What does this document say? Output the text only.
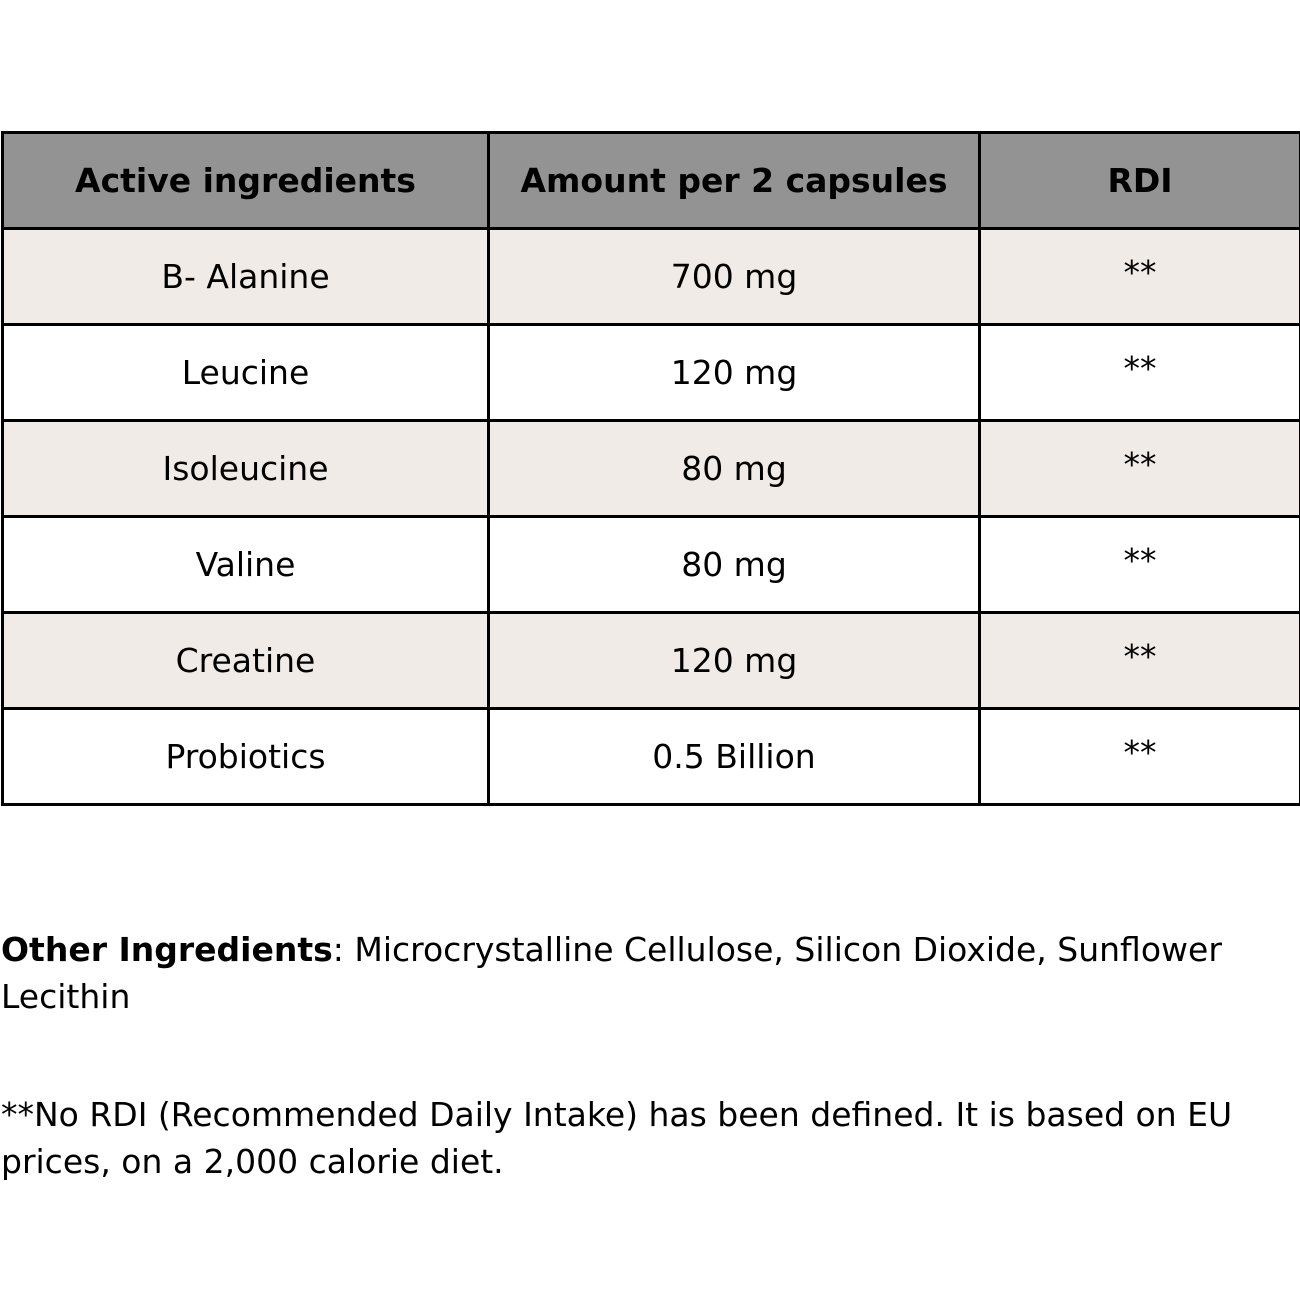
Active ingredients	Amount per 2 capsules	RDI
B- Alanine	700 mg	**
Leucine	120 mg	**
Isoleucine	80 mg	**
Valine	80 mg	**
Creatine	120 mg	**
Probiotics	0.5 Billion	**

Other Ingredients: Microcrystalline Cellulose, Silicon Dioxide, Sunflower Lecithin

**No RDI (Recommended Daily Intake) has been defined. It is based on EU prices, on a 2,000 calorie diet.
